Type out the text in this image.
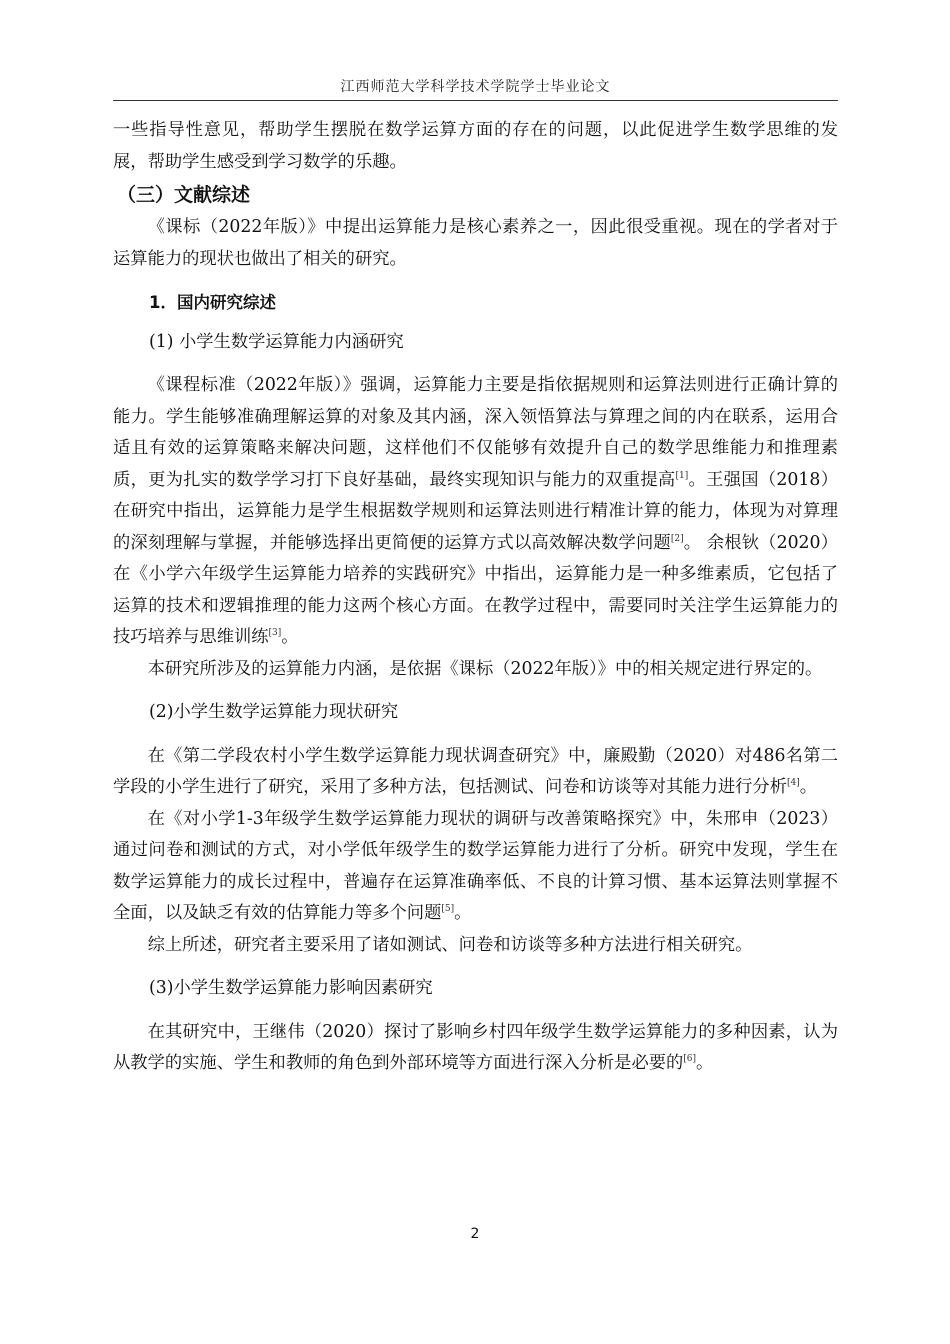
江西师范大学科学技术学院学士毕业论文

一些指导性意见，帮助学生摆脱在数学运算方面的存在的问题，以此促进学生数学思维的发展，帮助学生感受到学习数学的乐趣。

（三）文献综述

《课标（2022年版）》中提出运算能力是核心素养之一，因此很受重视。现在的学者对于运算能力的现状也做出了相关的研究。

1．国内研究综述

(1) 小学生数学运算能力内涵研究

《课程标准（2022年版）》强调，运算能力主要是指依据规则和运算法则进行正确计算的能力。学生能够准确理解运算的对象及其内涵，深入领悟算法与算理之间的内在联系，运用合适且有效的运算策略来解决问题，这样他们不仅能够有效提升自己的数学思维能力和推理素质，更为扎实的数学学习打下良好基础，最终实现知识与能力的双重提高[1]。王强国（2018）在研究中指出，运算能力是学生根据数学规则和运算法则进行精准计算的能力，体现为对算理的深刻理解与掌握，并能够选择出更简便的运算方式以高效解决数学问题[2]。 余根钬（2020）在《小学六年级学生运算能力培养的实践研究》中指出，运算能力是一种多维素质，它包括了运算的技术和逻辑推理的能力这两个核心方面。在教学过程中，需要同时关注学生运算能力的技巧培养与思维训练[3]。

本研究所涉及的运算能力内涵，是依据《课标（2022年版）》中的相关规定进行界定的。

(2)小学生数学运算能力现状研究

在《第二学段农村小学生数学运算能力现状调查研究》中，廉殿勤（2020）对486名第二学段的小学生进行了研究，采用了多种方法，包括测试、问卷和访谈等对其能力进行分析[4]。

在《对小学1-3年级学生数学运算能力现状的调研与改善策略探究》中，朱邢申（2023）通过问卷和测试的方式，对小学低年级学生的数学运算能力进行了分析。研究中发现，学生在数学运算能力的成长过程中，普遍存在运算准确率低、不良的计算习惯、基本运算法则掌握不全面，以及缺乏有效的估算能力等多个问题[5]。

综上所述，研究者主要采用了诸如测试、问卷和访谈等多种方法进行相关研究。

(3)小学生数学运算能力影响因素研究

在其研究中，王继伟（2020）探讨了影响乡村四年级学生数学运算能力的多种因素，认为从教学的实施、学生和教师的角色到外部环境等方面进行深入分析是必要的[6]。

2
